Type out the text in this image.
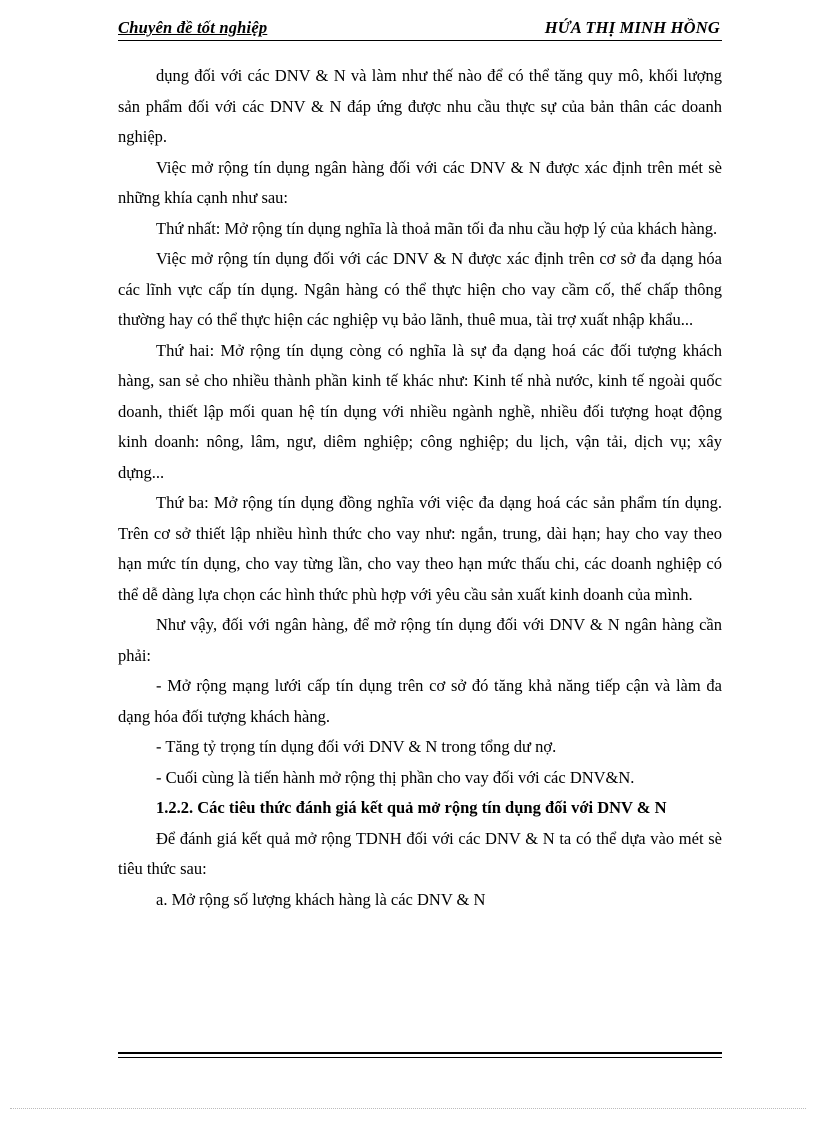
Chuyên đề tốt nghiệp	HỨA THỊ MINH HỒNG

dụng đối với các DNV & N và làm như thế nào để có thể tăng quy mô, khối lượng sản phẩm đối với các DNV & N đáp ứng được nhu cầu thực sự của bản thân các doanh nghiệp.

Việc mở rộng tín dụng ngân hàng đối với các DNV & N được xác định trên mét sè những khía cạnh như sau:

Thứ nhất: Mở rộng tín dụng nghĩa là thoả mãn tối đa nhu cầu hợp lý của khách hàng.

Việc mở rộng tín dụng đối với các DNV & N được xác định trên cơ sở đa dạng hóa các lĩnh vực cấp tín dụng. Ngân hàng có thể thực hiện cho vay cầm cố, thế chấp thông thường hay có thể thực hiện các nghiệp vụ bảo lãnh, thuê mua, tài trợ xuất nhập khẩu...

Thứ hai: Mở rộng tín dụng còng có nghĩa là sự đa dạng hoá các đối tượng khách hàng, san sẻ cho nhiều thành phần kinh tế khác như: Kinh tế nhà nước, kinh tế ngoài quốc doanh, thiết lập mối quan hệ tín dụng với nhiều ngành nghề, nhiều đối tượng hoạt động kinh doanh: nông, lâm, ngư, diêm nghiệp; công nghiệp; du lịch, vận tải, dịch vụ; xây dựng...

Thứ ba: Mở rộng tín dụng đồng nghĩa với việc đa dạng hoá các sản phẩm tín dụng. Trên cơ sở thiết lập nhiều hình thức cho vay như: ngắn, trung, dài hạn; hay cho vay theo hạn mức tín dụng, cho vay từng lần, cho vay theo hạn mức thấu chi, các doanh nghiệp có thể dễ dàng lựa chọn các hình thức phù hợp với yêu cầu sản xuất kinh doanh của mình.

Như vậy, đối với ngân hàng, để mở rộng tín dụng đối với DNV & N ngân hàng cần phải:

- Mở rộng mạng lưới cấp tín dụng trên cơ sở đó tăng khả năng tiếp cận và làm đa dạng hóa đối tượng khách hàng.

- Tăng tỷ trọng tín dụng đối với DNV & N trong tổng dư nợ.

- Cuối cùng là tiến hành mở rộng thị phần cho vay đối với các DNV&N.

1.2.2. Các tiêu thức đánh giá kết quả mở rộng tín dụng đối với DNV & N

Để đánh giá kết quả mở rộng TDNH đối với các DNV & N ta có thể dựa vào mét sè tiêu thức sau:

a. Mở rộng số lượng khách hàng là các DNV & N
